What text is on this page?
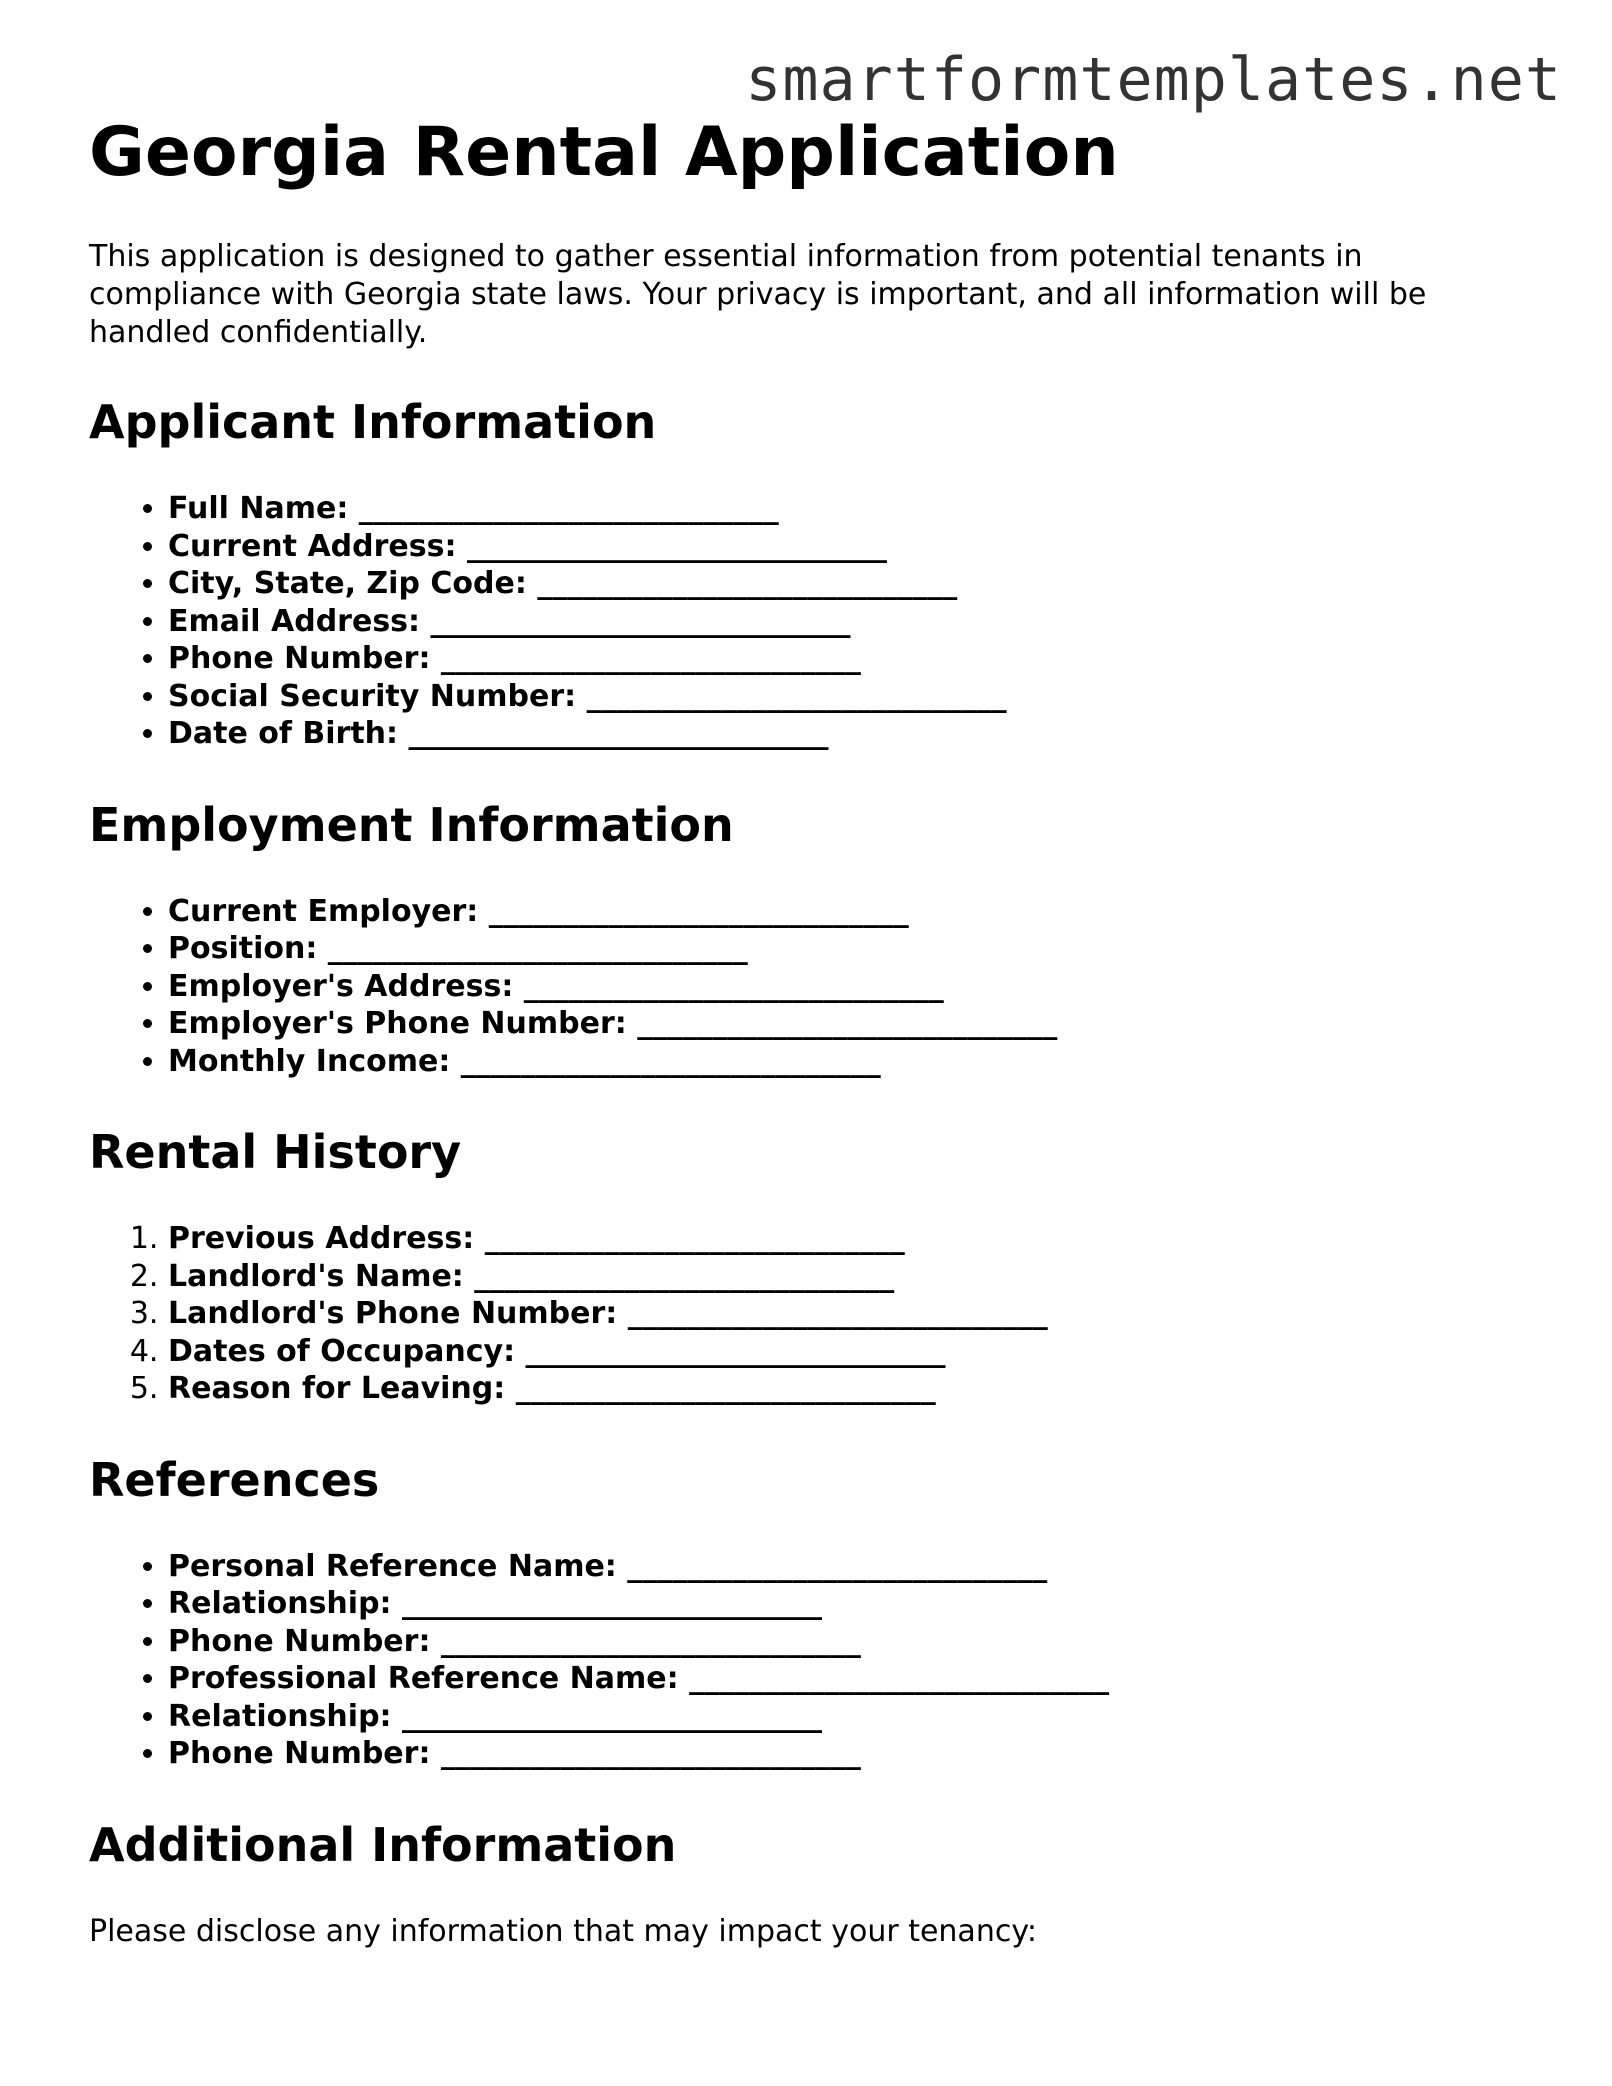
smartformtemplates.net
Georgia Rental Application

This application is designed to gather essential information from potential tenants in compliance with Georgia state laws. Your privacy is important, and all information will be handled confidentially.

Applicant Information
• Full Name: ____________________________
• Current Address: ____________________________
• City, State, Zip Code: ____________________________
• Email Address: ____________________________
• Phone Number: ____________________________
• Social Security Number: ____________________________
• Date of Birth: ____________________________
Employment Information
• Current Employer: ____________________________
• Position: ____________________________
• Employer's Address: ____________________________
• Employer's Phone Number: ____________________________
• Monthly Income: ____________________________
Rental History
1. Previous Address: ____________________________
2. Landlord's Name: ____________________________
3. Landlord's Phone Number: ____________________________
4. Dates of Occupancy: ____________________________
5. Reason for Leaving: ____________________________
References
• Personal Reference Name: ____________________________
• Relationship: ____________________________
• Phone Number: ____________________________
• Professional Reference Name: ____________________________
• Relationship: ____________________________
• Phone Number: ____________________________
Additional Information

Please disclose any information that may impact your tenancy:
